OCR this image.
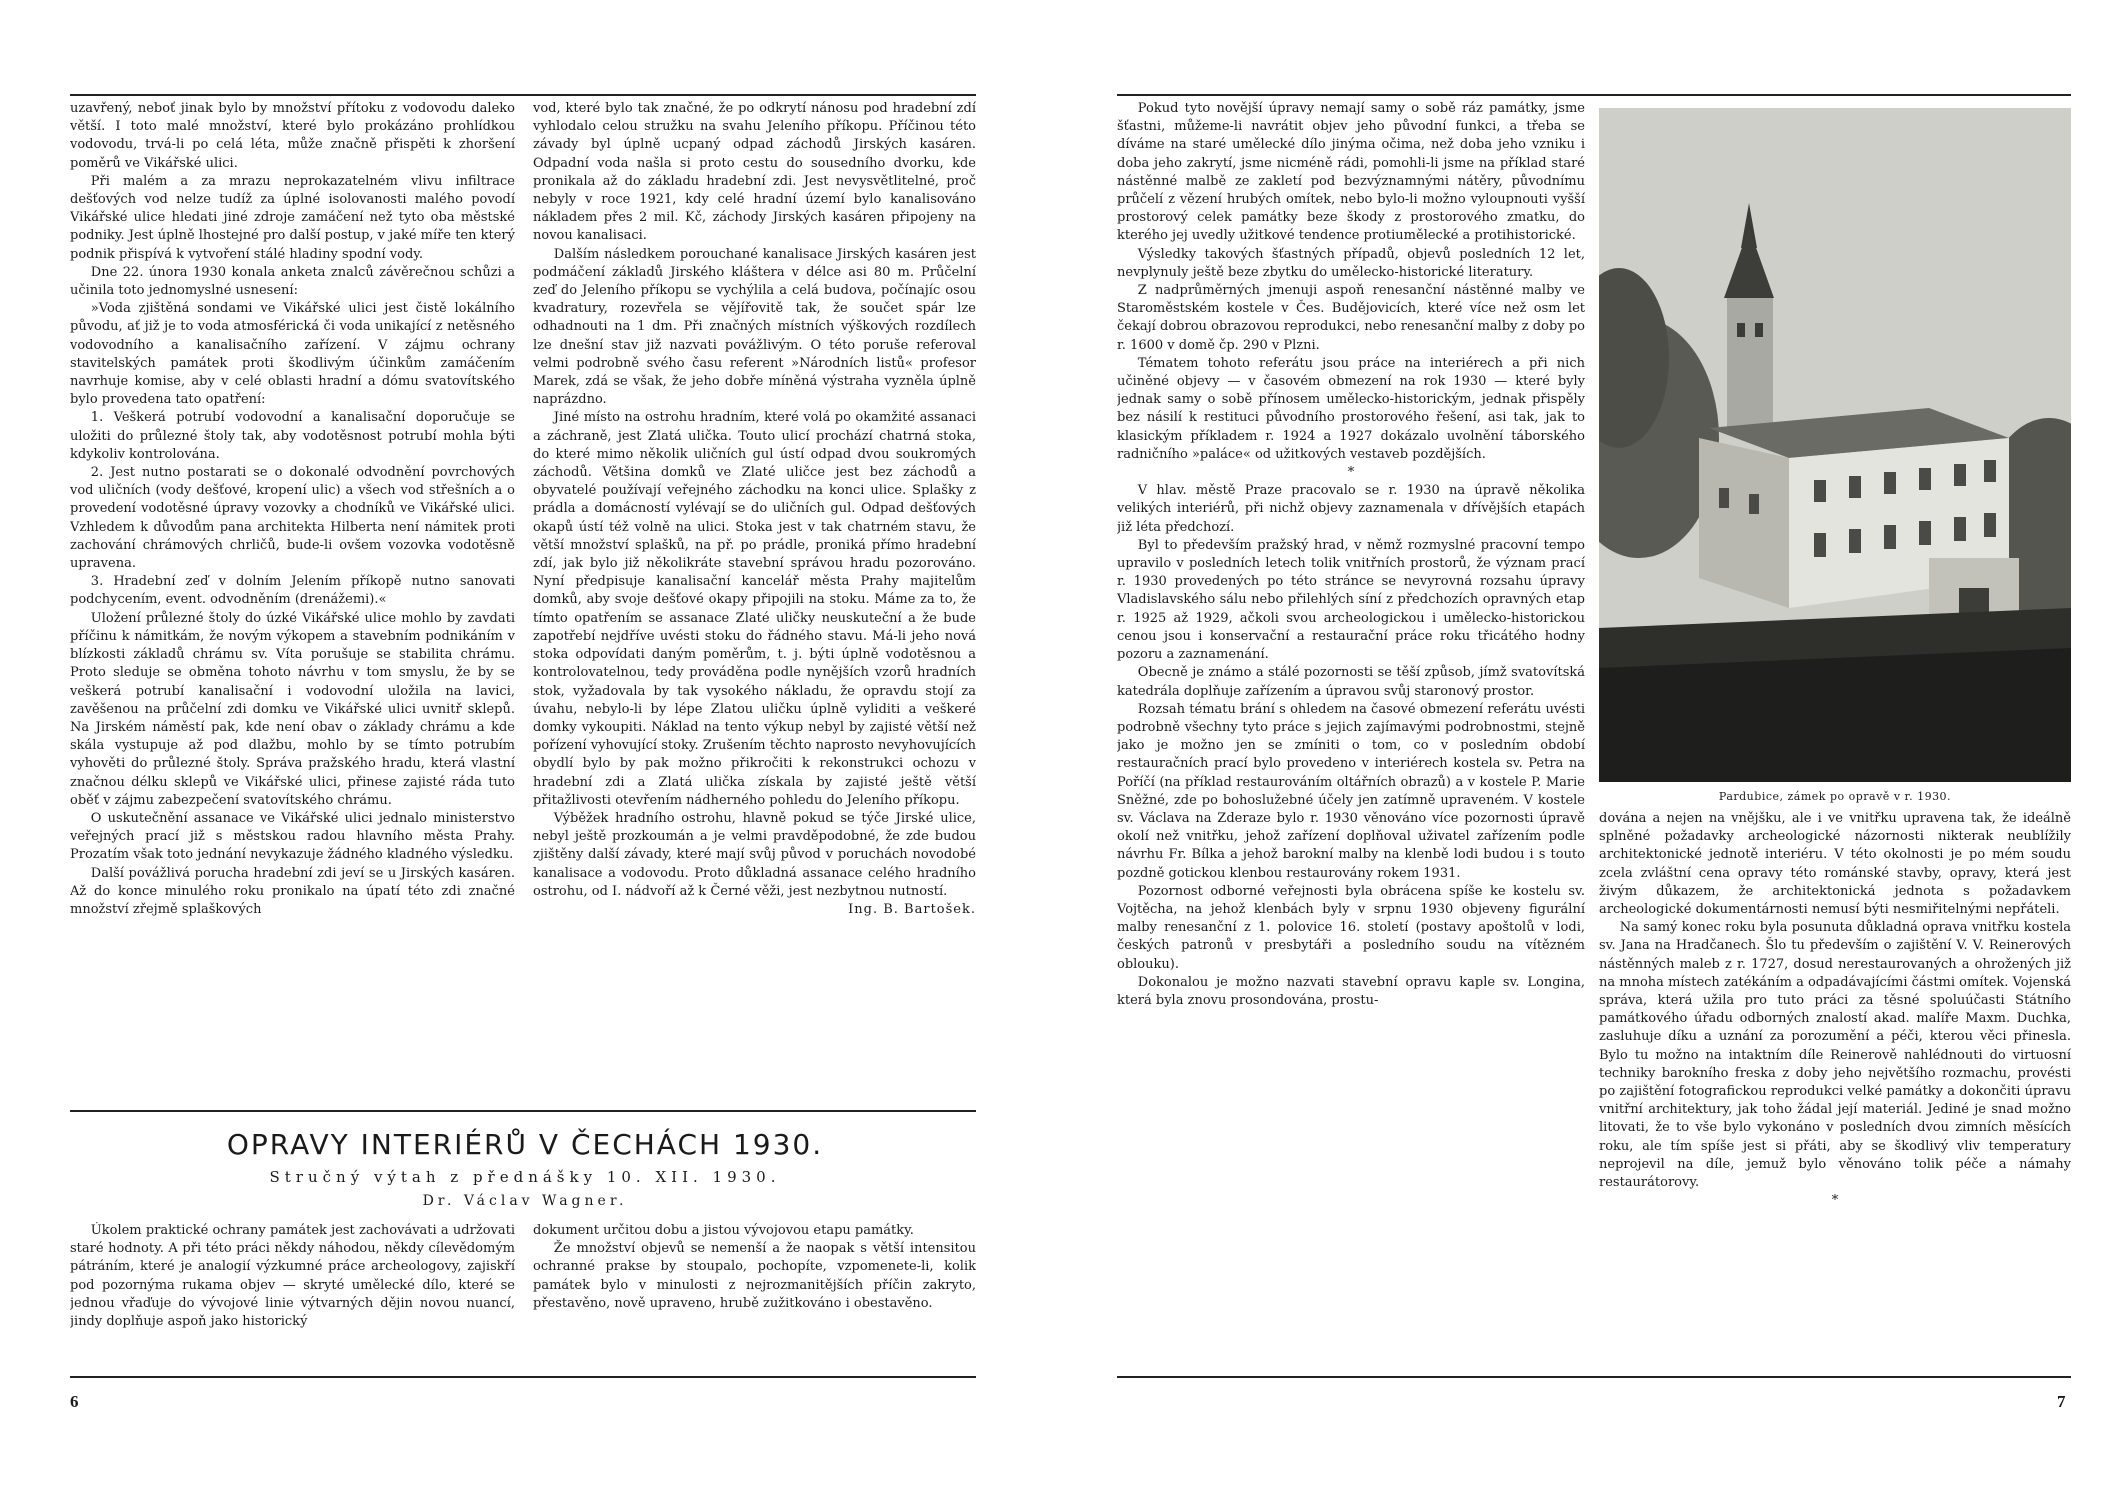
uzavřený, neboť jinak bylo by množství přítoku z vodovodu daleko větší. I toto malé množství, které bylo prokázáno prohlídkou vodovodu, trvá-li po celá léta, může značně přispěti k zhoršení poměrů ve Vikářské ulici.

Při malém a za mrazu neprokazatelném vlivu infiltrace dešťových vod nelze tudíž za úplné isolovanosti malého povodí Vikářské ulice hledati jiné zdroje zamáčení než tyto oba městské podniky. Jest úplně lhostejné pro další postup, v jaké míře ten který podnik přispívá k vytvoření stálé hladiny spodní vody.

Dne 22. února 1930 konala anketa znalců závěrečnou schůzi a učinila toto jednomyslné usnesení:

»Voda zjištěná sondami ve Vikářské ulici jest čistě lokálního původu, ať již je to voda atmosférická či voda unikající z netěsného vodovodního a kanalisačního zařízení. V zájmu ochrany stavitelských památek proti škodlivým účinkům zamáčením navrhuje komise, aby v celé oblasti hradní a dómu svatovítského bylo provedena tato opatření:

1. Veškerá potrubí vodovodní a kanalisační doporučuje se uložiti do průlezné štoly tak, aby vodotěsnost potrubí mohla býti kdykoliv kontrolována.

2. Jest nutno postarati se o dokonalé odvodnění povrchových vod uličních (vody dešťové, kropení ulic) a všech vod střešních a o provedení vodotěsné úpravy vozovky a chodníků ve Vikářské ulici. Vzhledem k důvodům pana architekta Hilberta není námitek proti zachování chrámových chrličů, bude-li ovšem vozovka vodotěsně upravena.

3. Hradební zeď v dolním Jelením příkopě nutno sanovati podchycením, event. odvodněním (drenážemi).«

Uložení průlezné štoly do úzké Vikářské ulice mohlo by zavdati příčinu k námitkám, že novým výkopem a stavebním podnikáním v blízkosti základů chrámu sv. Víta porušuje se stabilita chrámu. Proto sleduje se obměna tohoto návrhu v tom smyslu, že by se veškerá potrubí kanalisační i vodovodní uložila na lavici, zavěšenou na průčelní zdi domku ve Vikářské ulici uvnitř sklepů. Na Jirském náměstí pak, kde není obav o základy chrámu a kde skála vystupuje až pod dlažbu, mohlo by se tímto potrubím vyhověti do průlezné štoly. Správa pražského hradu, která vlastní značnou délku sklepů ve Vikářské ulici, přinese zajisté ráda tuto oběť v zájmu zabezpečení svatovítského chrámu.

O uskutečnění assanace ve Vikářské ulici jednalo ministerstvo veřejných prací již s městskou radou hlavního města Prahy. Prozatím však toto jednání nevykazuje žádného kladného výsledku.

Další povážlivá porucha hradební zdi jeví se u Jirských kasáren. Až do konce minulého roku pronikalo na úpatí této zdi značné množství zřejmě splaškových

vod, které bylo tak značné, že po odkrytí nánosu pod hradební zdí vyhlodalo celou stružku na svahu Jeleního příkopu. Příčinou této závady byl úplně ucpaný odpad záchodů Jirských kasáren. Odpadní voda našla si proto cestu do sousedního dvorku, kde pronikala až do základu hradební zdi. Jest nevysvětlitelné, proč nebyly v roce 1921, kdy celé hradní území bylo kanalisováno nákladem přes 2 mil. Kč, záchody Jirských kasáren připojeny na novou kanalisaci.

Dalším následkem porouchané kanalisace Jirských kasáren jest podmáčení základů Jirského kláštera v délce asi 80 m. Průčelní zeď do Jeleního příkopu se vychýlila a celá budova, počínajíc osou kvadratury, rozevřela se vějířovitě tak, že součet spár lze odhadnouti na 1 dm. Při značných místních výškových rozdílech lze dnešní stav již nazvati povážlivým. O této poruše referoval velmi podrobně svého času referent »Národních listů« profesor Marek, zdá se však, že jeho dobře míněná výstraha vyzněla úplně naprázdno.

Jiné místo na ostrohu hradním, které volá po okamžité assanaci a záchraně, jest Zlatá ulička. Touto ulicí prochází chatrná stoka, do které mimo několik uličních gul ústí odpad dvou soukromých záchodů. Většina domků ve Zlaté uličce jest bez záchodů a obyvatelé používají veřejného záchodku na konci ulice. Splašky z prádla a domácností vylévají se do uličních gul. Odpad dešťových okapů ústí též volně na ulici. Stoka jest v tak chatrném stavu, že větší množství splašků, na př. po prádle, proniká přímo hradební zdí, jak bylo již několikráte stavební správou hradu pozorováno. Nyní předpisuje kanalisační kancelář města Prahy majitelům domků, aby svoje dešťové okapy připojili na stoku. Máme za to, že tímto opatřením se assanace Zlaté uličky neuskuteční a že bude zapotřebí nejdříve uvésti stoku do řádného stavu. Má-li jeho nová stoka odpovídati daným poměrům, t. j. býti úplně vodotěsnou a kontrolovatelnou, tedy prováděna podle nynějších vzorů hradních stok, vyžadovala by tak vysokého nákladu, že opravdu stojí za úvahu, nebylo-li by lépe Zlatou uličku úplně vyliditi a veškeré domky vykoupiti. Náklad na tento výkup nebyl by zajisté větší než pořízení vyhovující stoky. Zrušením těchto naprosto nevyhovujících obydlí bylo by pak možno přikročiti k rekonstrukci ochozu v hradební zdi a Zlatá ulička získala by zajisté ještě větší přitažlivosti otevřením nádherného pohledu do Jeleního příkopu.

Výběžek hradního ostrohu, hlavně pokud se týče Jirské ulice, nebyl ještě prozkoumán a je velmi pravděpodobné, že zde budou zjištěny další závady, které mají svůj původ v poruchách novodobé kanalisace a vodovodu. Proto důkladná assanace celého hradního ostrohu, od I. nádvoří až k Černé věži, jest nezbytnou nutností.

Ing. B. Bartošek.

OPRAVY INTERIÉRŮ V ČECHÁCH 1930.
Stručný výtah z přednášky 10. XII. 1930.
Dr. Václav Wagner.

Úkolem praktické ochrany památek jest zachovávati a udržovati staré hodnoty. A při této práci někdy náhodou, někdy cílevědomým pátráním, které je analogií výzkumné práce archeologovy, zajiskří pod pozornýma rukama objev — skryté umělecké dílo, které se jednou vřaďuje do vývojové linie výtvarných dějin novou nuancí, jindy doplňuje aspoň jako historický

dokument určitou dobu a jistou vývojovou etapu památky.

Že množství objevů se nemenší a že naopak s větší intensitou ochranné prakse by stoupalo, pochopíte, vzpomenete-li, kolik památek bylo v minulosti z nejrozmanitějších příčin zakryto, přestavěno, nově upraveno, hrubě zužitkováno i obestavěno.

6

Pokud tyto novější úpravy nemají samy o sobě ráz památky, jsme šťastni, můžeme-li navrátit objev jeho původní funkci, a třeba se díváme na staré umělecké dílo jinýma očima, než doba jeho vzniku i doba jeho zakrytí, jsme nicméně rádi, pomohli-li jsme na příklad staré nástěnné malbě ze zakletí pod bezvýznamnými nátěry, původnímu průčelí z vězení hrubých omítek, nebo bylo-li možno vyloupnouti vyšší prostorový celek památky beze škody z prostorového zmatku, do kterého jej uvedly užitkové tendence protiumělecké a protihistorické.

Výsledky takových šťastných případů, objevů posledních 12 let, nevplynuly ještě beze zbytku do umělecko-historické literatury.

Z nadprůměrných jmenuji aspoň renesanční nástěnné malby ve Staroměstském kostele v Čes. Budějovicích, které více než osm let čekají dobrou obrazovou reprodukci, nebo renesanční malby z doby po r. 1600 v domě čp. 290 v Plzni.

Tématem tohoto referátu jsou práce na interiérech a při nich učiněné objevy — v časovém obmezení na rok 1930 — které byly jednak samy o sobě přínosem umělecko-historickým, jednak přispěly bez násilí k restituci původního prostorového řešení, asi tak, jak to klasickým příkladem r. 1924 a 1927 dokázalo uvolnění táborského radničního »paláce« od užitkových vestaveb pozdějších.

*

V hlav. městě Praze pracovalo se r. 1930 na úpravě několika velikých interiérů, při nichž objevy zaznamenala v dřívějších etapách již léta předchozí.

Byl to především pražský hrad, v němž rozmyslné pracovní tempo upravilo v posledních letech tolik vnitřních prostorů, že význam prací r. 1930 provedených po této stránce se nevyrovná rozsahu úpravy Vladislavského sálu nebo přilehlých síní z předchozích opravných etap r. 1925 až 1929, ačkoli svou archeologickou i umělecko-historickou cenou jsou i konservační a restaurační práce roku třicátého hodny pozoru a zaznamenání.

Obecně je známo a stálé pozornosti se těší způsob, jímž svatovítská katedrála doplňuje zařízením a úpravou svůj staronový prostor.

Rozsah tématu brání s ohledem na časové obmezení referátu uvésti podrobně všechny tyto práce s jejich zajímavými podrobnostmi, stejně jako je možno jen se zmíniti o tom, co v posledním období restauračních prací bylo provedeno v interiérech kostela sv. Petra na Poříčí (na příklad restaurováním oltářních obrazů) a v kostele P. Marie Sněžné, zde po bohoslužebné účely jen zatímně upraveném. V kostele sv. Václava na Zderaze bylo r. 1930 věnováno více pozornosti úpravě okolí než vnitřku, jehož zařízení doplňoval uživatel zařízením podle návrhu Fr. Bílka a jehož barokní malby na klenbě lodi budou i s touto pozdně gotickou klenbou restaurovány rokem 1931.

Pozornost odborné veřejnosti byla obrácena spíše ke kostelu sv. Vojtěcha, na jehož klenbách byly v srpnu 1930 objeveny figurální malby renesanční z 1. polovice 16. století (postavy apoštolů v lodi, českých patronů v presbytáři a posledního soudu na vítězném oblouku).

Dokonalou je možno nazvati stavební opravu kaple sv. Longina, která byla znovu prosondována, prostu-

Pardubice, zámek po opravě v r. 1930.

dována a nejen na vnějšku, ale i ve vnitřku upravena tak, že ideálně splněné požadavky archeologické názornosti nikterak neublížily architektonické jednotě interiéru. V této okolnosti je po mém soudu zcela zvláštní cena opravy této románské stavby, opravy, která jest živým důkazem, že architektonická jednota s požadavkem archeologické dokumentárnosti nemusí býti nesmiřitelnými nepřáteli.

Na samý konec roku byla posunuta důkladná oprava vnitřku kostela sv. Jana na Hradčanech. Šlo tu především o zajištění V. V. Reinerových nástěnných maleb z r. 1727, dosud nerestaurovaných a ohrožených již na mnoha místech zatékáním a odpadávajícími částmi omítek. Vojenská správa, která užila pro tuto práci za těsné spoluúčasti Státního památkového úřadu odborných znalostí akad. malíře Maxm. Duchka, zasluhuje díku a uznání za porozumění a péči, kterou věci přinesla. Bylo tu možno na intaktním díle Reinerově nahlédnouti do virtuosní techniky barokního freska z doby jeho největšího rozmachu, provésti po zajištění fotografickou reprodukci velké památky a dokončiti úpravu vnitřní architektury, jak toho žádal její materiál. Jediné je snad možno litovati, že to vše bylo vykonáno v posledních dvou zimních měsících roku, ale tím spíše jest si přáti, aby se škodlivý vliv temperatury neprojevil na díle, jemuž bylo věnováno tolik péče a námahy restaurátorovy.

*

7
